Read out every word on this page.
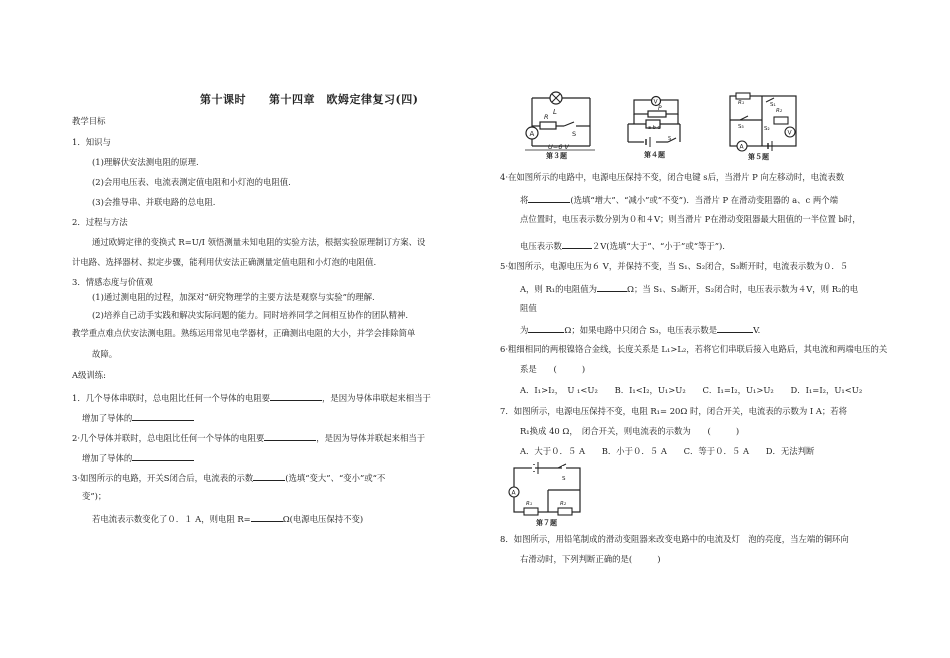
第十课时　　第十四章　欧姆定律复习(四)
教学目标
1．知识与
(1)理解伏安法测电阻的原理.
(2)会用电压表、电流表测定值电阻和小灯泡的电阻值.
(3)会推导串、并联电路的总电阻.
2．过程与方法
通过欧姆定律的变换式 R=U/I 领悟测量未知电阻的实验方法，根据实验原理制订方案、设
计电路、选择器材、拟定步骤，能利用伏安法正确测量定值电阻和小灯泡的电阻值.
3．情感态度与价值观
(1)通过测电阻的过程，加深对“研究物理学的主要方法是观察与实验”的理解.
(2)培养自己动手实践和解决实际问题的能力。同时培养同学之间相互协作的团队精神.
教学重点难点伏安法测电阻。熟练运用常见电学器材，正确测出电阻的大小，并学会排除简单
故障。
A级训练:
1．几个导体串联时，总电阻比任何一个导体的电阻要	，是因为导体串联起来相当于
增加了导体的
2·几个导体并联时，总电阻比任何一个导体的电阻要	，是因为导体并联起来相当于
增加了导体的
3·如图所示的电路，开关S闭合后，电流表的示数	(选填“变大”、“变小”或“不
变”)；
若电流表示数变化了０．１ A，则电阻 R=	Ω(电源电压保持不变)
A
L
R
S
U=6 V
第３题
V
P
a b c
S
第４题
A
V
R₁
R₂
S₁
S₃	S₂
第５题
4·在如图所示的电路中，电源电压保持不变，闭合电键 s后，当滑片 P 向左移动时，电流表数
将	(选填“增大”、“减小”或“不变”)．当滑片 P 在滑动变阻器的 a、c 两个端
点位置时，电压表示数分别为０和４V；则当滑片 P在滑动变阻器最大阻值的一半位置 b时，
电压表示数	２V(选填“大于”、“小于”或“等于”).
5·如图所示，电源电压为６ V，并保持不变，当 S₁、S₂闭合，S₃断开时，电流表示数为０．５
A，则 R₁的电阻值为	Ω；当 S₁、S₃断开，S₂闭合时，电压表示数为４V，则 R₂的电
阻值
为	Ω；如果电路中只闭合 S₃，电压表示数是	V.
6·粗细相同的两根镍铬合金线，长度关系是 L₁>L₂，若将它们串联后接入电路后，其电流和两端电压的关
系是　　(　　　)
A．I₁>I₂，　U ₁<U₂　　B．I₁<I₂，U₁>U₂　　C．I₁=I₂，U₁>U₂　　D．I₁=I₂，U₁<U₂
7．如图所示，电源电压保持不变，电阻 R₁= 20Ω 时，闭合开关，电流表的示数为 I A；若将
R₁换成 40 Ω，　闭合开关，则电流表的示数为　　(　　　)
A．大于０．５ A　　B．小于０．５ A　　C．等于０．５ A　　D．无法判断
8．如图所示，用铅笔制成的滑动变阻器来改变电路中的电流及灯　泡的亮度，当左端的铜环向
右滑动时，下列判断正确的是(　　　)
A
R₁	R₂
S
第７题
